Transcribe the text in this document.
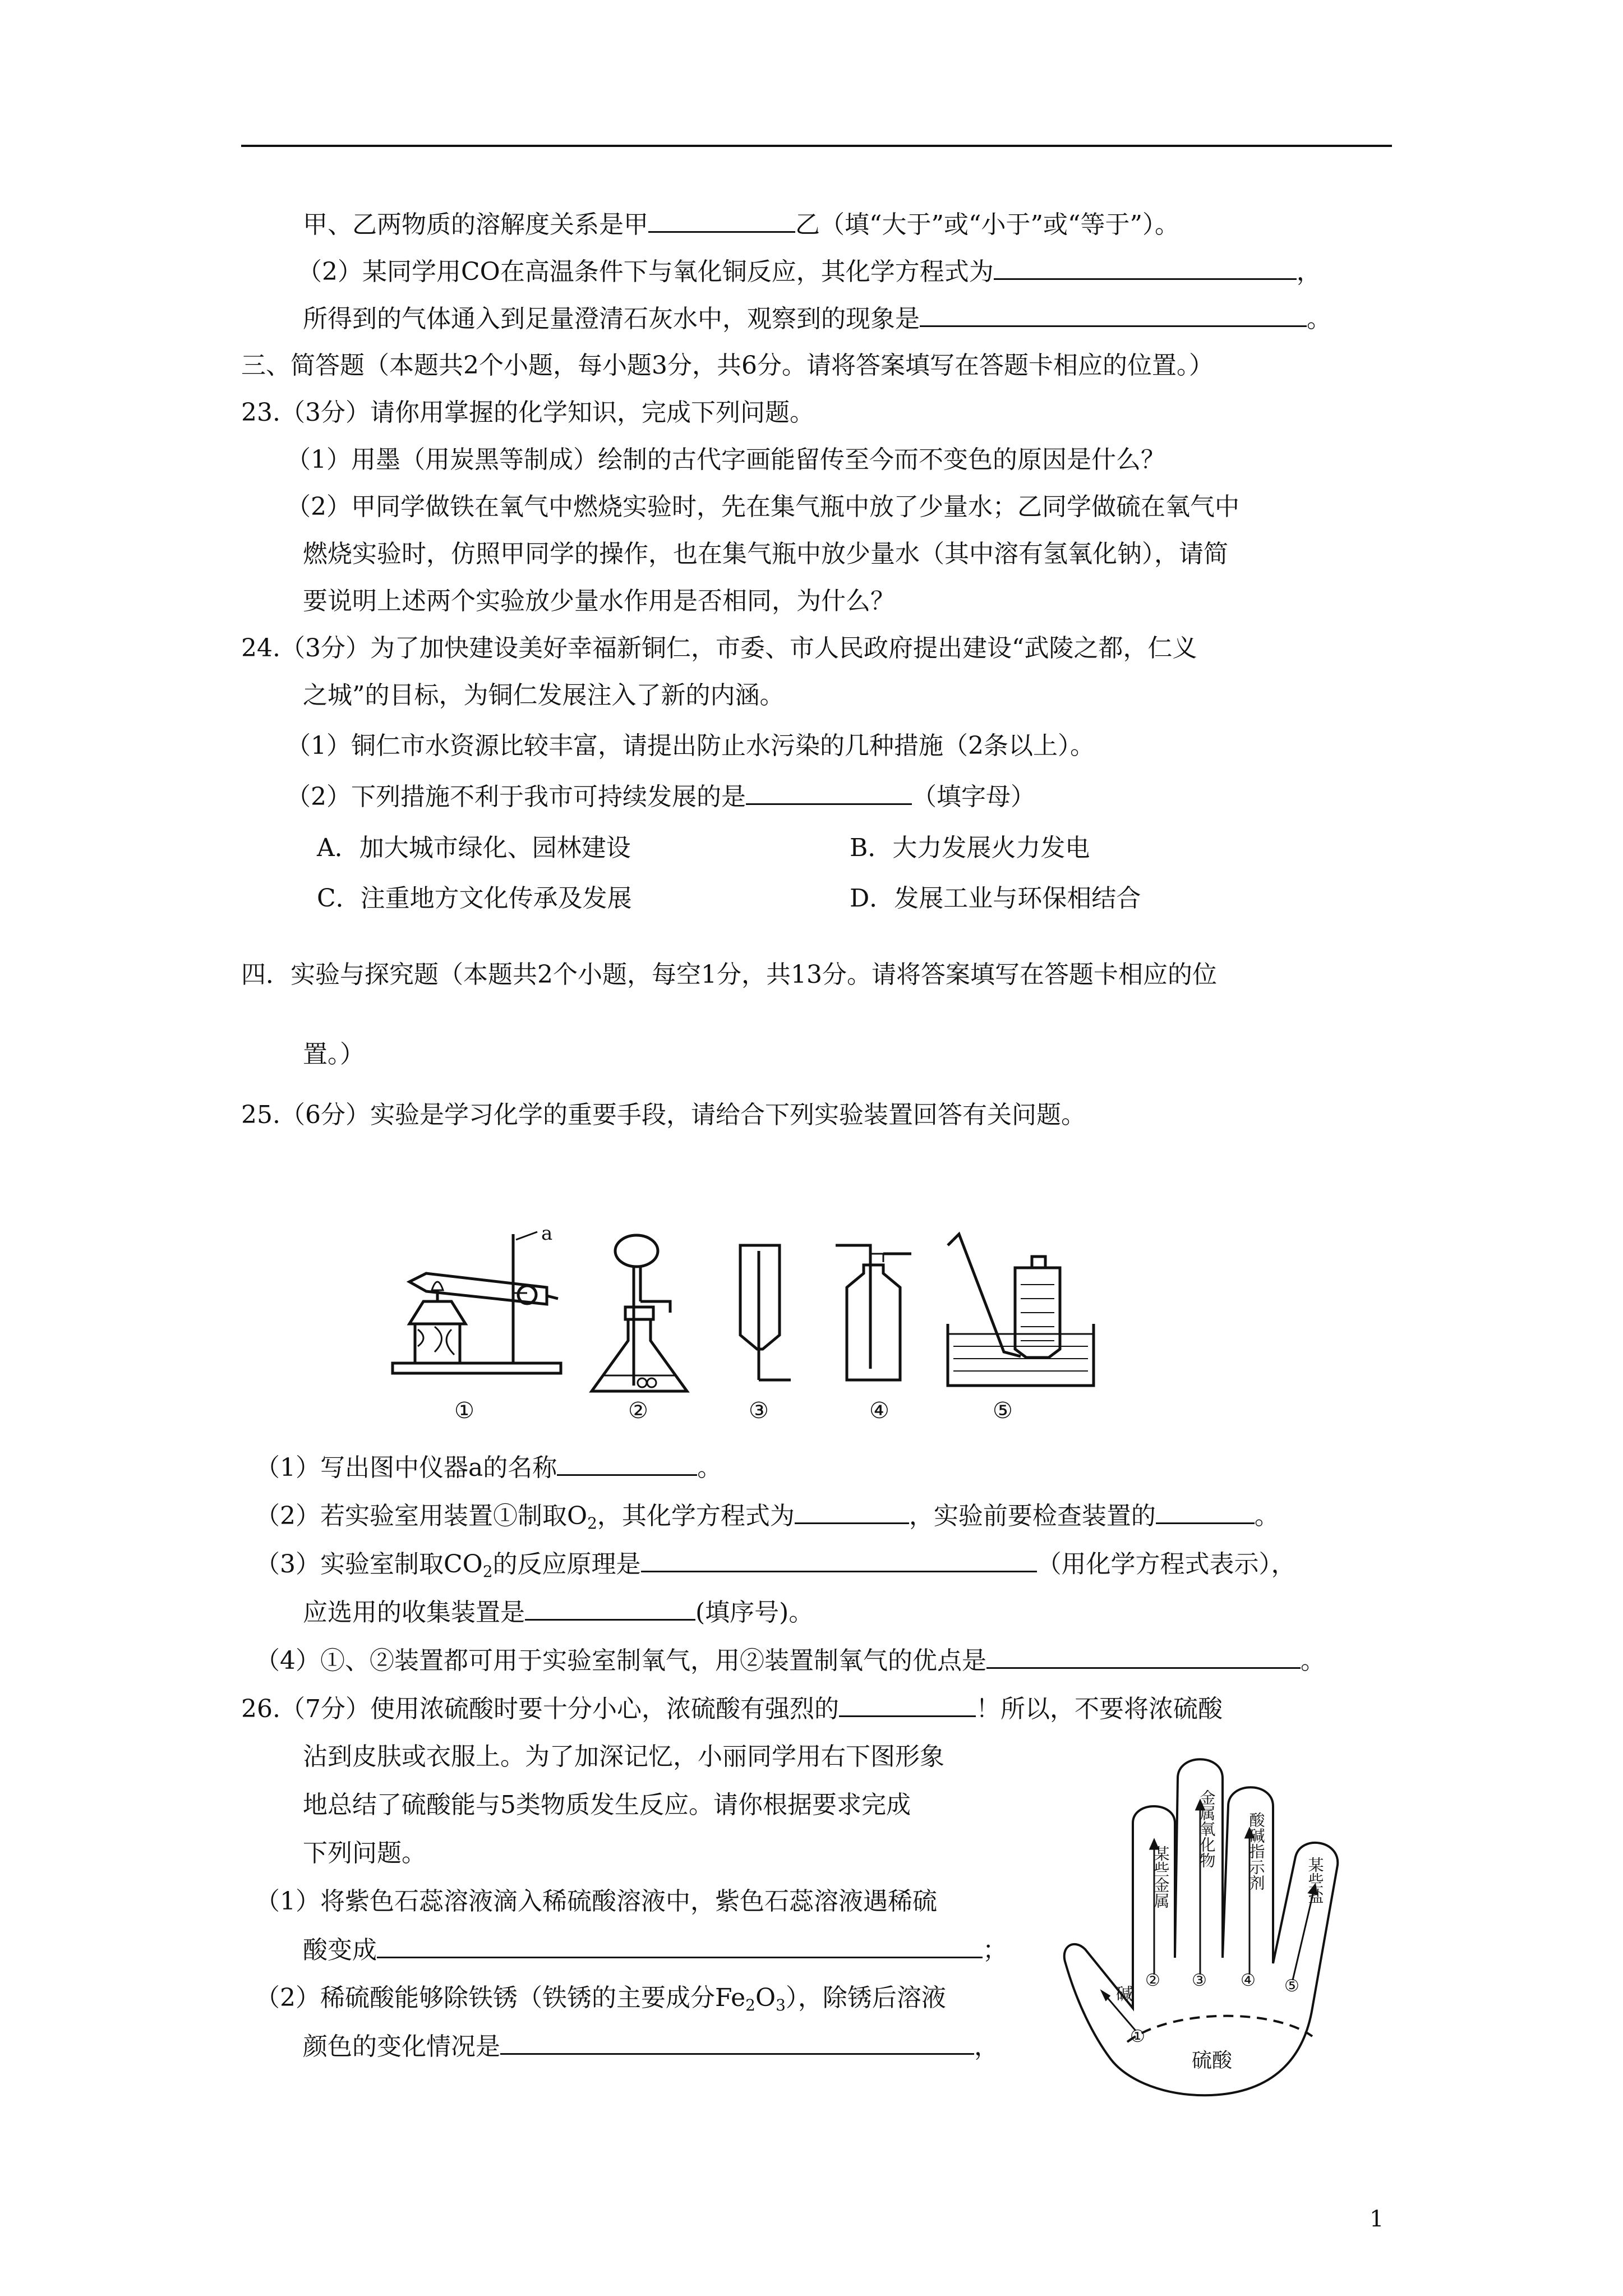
甲、乙两物质的溶解度关系是甲	乙（填“大于”或“小于”或“等于”）。
（2）某同学用CO在高温条件下与氧化铜反应，其化学方程式为	，
所得到的气体通入到足量澄清石灰水中，观察到的现象是	。
三、简答题（本题共2个小题，每小题3分，共6分。请将答案填写在答题卡相应的位置。）
23.（3分）请你用掌握的化学知识，完成下列问题。
（1）用墨（用炭黑等制成）绘制的古代字画能留传至今而不变色的原因是什么？
（2）甲同学做铁在氧气中燃烧实验时，先在集气瓶中放了少量水；乙同学做硫在氧气中
燃烧实验时，仿照甲同学的操作，也在集气瓶中放少量水（其中溶有氢氧化钠），请简
要说明上述两个实验放少量水作用是否相同，为什么？
24.（3分）为了加快建设美好幸福新铜仁，市委、市人民政府提出建设“武陵之都，仁义
之城”的目标，为铜仁发展注入了新的内涵。
（1）铜仁市水资源比较丰富，请提出防止水污染的几种措施（2条以上）。
（2）下列措施不利于我市可持续发展的是	（填字母）
A．加大城市绿化、园林建设	B．大力发展火力发电
C．注重地方文化传承及发展	D．发展工业与环保相结合
四．实验与探究题（本题共2个小题，每空1分，共13分。请将答案填写在答题卡相应的位
置。）
25.（6分）实验是学习化学的重要手段，请给合下列实验装置回答有关问题。
a
①	②	③	④	⑤
（1）写出图中仪器a的名称	。
（2）若实验室用装置①制取$O_2$，其化学方程式为	，实验前要检查装置的	。
（3）实验室制取$CO_2$的反应原理是	（用化学方程式表示），
应选用的收集装置是	(填序号)。
（4）①、②装置都可用于实验室制氧气，用②装置制氧气的优点是	。
26.（7分）使用浓硫酸时要十分小心，浓硫酸有强烈的	！所以，不要将浓硫酸
沾到皮肤或衣服上。为了加深记忆，小丽同学用右下图形象
地总结了硫酸能与5类物质发生反应。请你根据要求完成
下列问题。
（1）将紫色石蕊溶液滴入稀硫酸溶液中，紫色石蕊溶液遇稀硫
酸变成	；
（2）稀硫酸能够除铁锈（铁锈的主要成分$Fe_2O_3$），除锈后溶液
颜色的变化情况是	，
碱
①
② ③ ④ ⑤
硫酸
某些金属
金属氧化物 酸碱指示剂	某些盐
1
